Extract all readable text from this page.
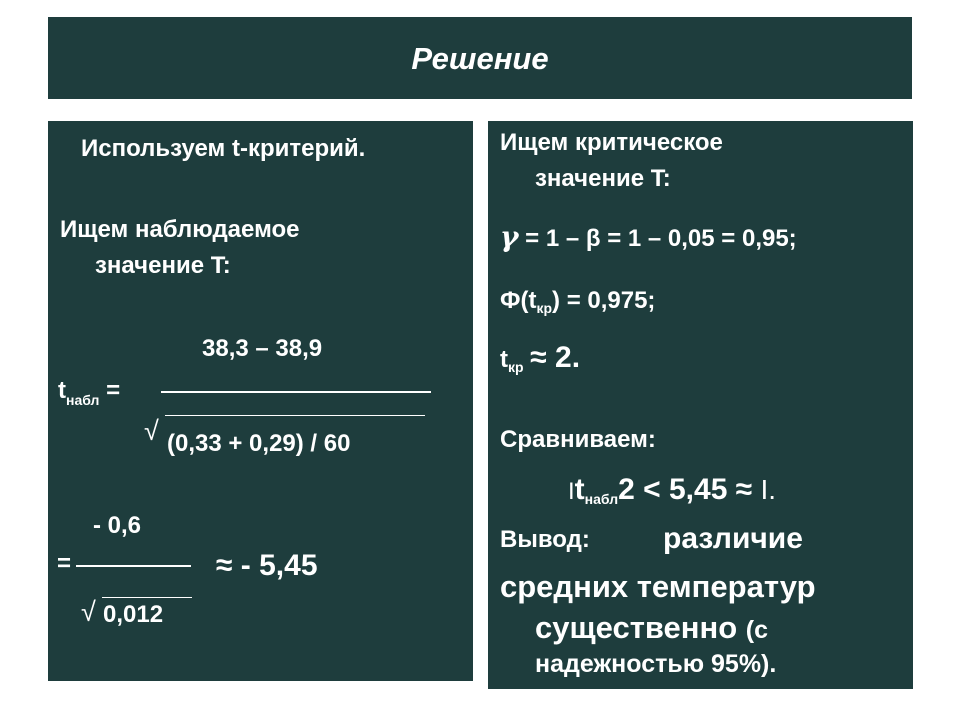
Решение
Используем t-критерий.
Ищем наблюдаемое
значение T:
38,3 – 38,9
$t_{набл}$ =
√ (0,33 + 0,29) / 60
- 0,6
=	≈ - 5,45
√ 0,012
Ищем критическое
значение T:
γ = 1 – β = 1 – 0,05 = 0,95;
$Ф(t_{кр}) = 0,975$;
$t_{кр} \approx 2$.
Сравниваем:
$It_{набл}2 < 5,45 \approx I$.
Вывод: различие
средних температур
существенно (с
надежностью 95%).
